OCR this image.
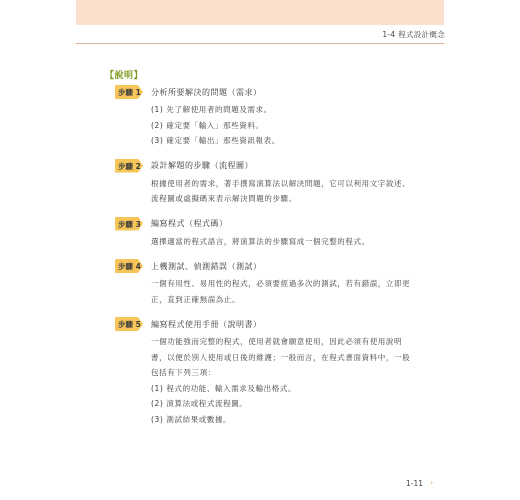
1-4 程式設計概念
【說明】
步驟 1 分析所要解決的問題（需求）
(1) 先了解使用者的問題及需求。
(2) 確定要「輸入」那些資料。
(3) 確定要「輸出」那些資訊報表。
步驟 2 設計解題的步驟（流程圖）
根據使用者的需求，著手撰寫演算法以解決問題，它可以利用文字敘述、
流程圖或虛擬碼來表示解決問題的步驟。
步驟 3 編寫程式（程式碼）
選擇適當的程式語言，將演算法的步驟寫成一個完整的程式。
步驟 4 上機測試、偵測錯誤（測試）
一個有用性、易用性的程式，必須要經過多次的測試，若有錯誤，立即更
正，直到正確無誤為止。
步驟 5 編寫程式使用手冊（說明書）
一個功能強而完整的程式，使用者就會願意使用，因此必須有使用說明
書，以便於別人使用或日後的維護；一般而言，在程式書面資料中，一般
包括有下列三項：
(1) 程式的功能、輸入需求及輸出格式。
(2) 演算法或程式流程圖。
(3) 測試結果或數據。
1-11 ›
